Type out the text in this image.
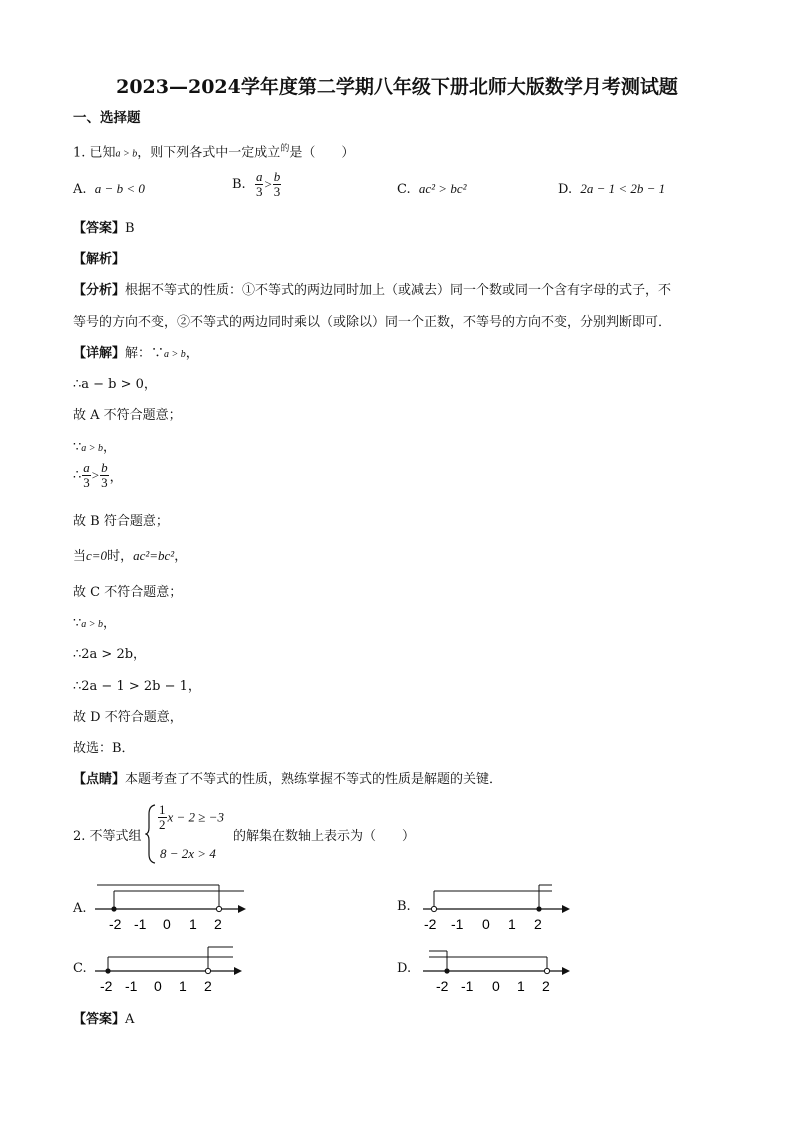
2023—2024学年度第二学期八年级下册北师大版数学月考测试题
一、选择题
1. 已知a > b，则下列各式中一定成立$^的$是（　　）
A. a − b < 0	B. $\frac{a}{3} > \frac{b}{3}$	C. ac² > bc²	D. 2a − 1 < 2b − 1
【答案】B
【解析】
【分析】根据不等式的性质：①不等式的两边同时加上（或减去）同一个数或同一个含有字母的式子，不
等号的方向不变，②不等式的两边同时乘以（或除以）同一个正数，不等号的方向不变，分别判断即可．
【详解】解：∵a > b，
∴a − b > 0，
故 A 不符合题意；
∵a > b，
∴ $\frac{a}{3} > \frac{b}{3}$ ，
故 B 符合题意；
当c=0时，ac²=bc²，
故 C 不符合题意；
∵a > b，
∴2a > 2b，
∴2a − 1 > 2b − 1，
故 D 不符合题意，
故选：B．
【点睛】本题考查了不等式的性质，熟练掌握不等式的性质是解题的关键．
2. 不等式组
$\frac{1}{2}$ x − 2 ≥ −3
8 − 2x > 4
的解集在数轴上表示为（　　）
A.
-2 -1 0 1 2
B.
-2 -1 0 1 2
C.
-2 -1 0 1 2
D.
-2 -1 0 1 2
【答案】A
